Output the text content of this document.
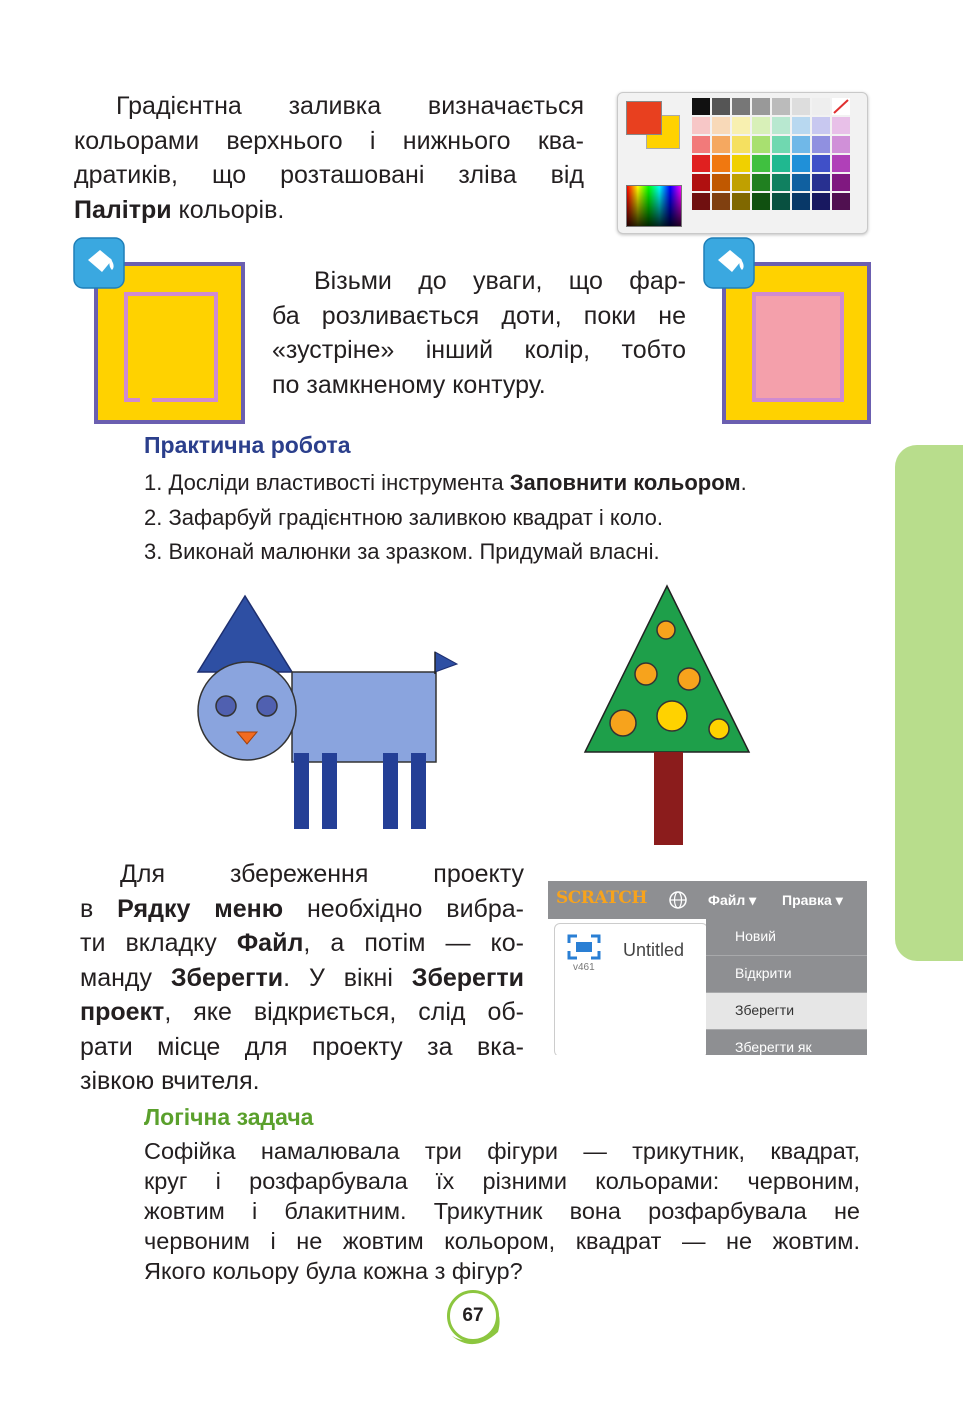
Градієнтна заливка визначається
кольорами верхнього і нижнього ква-
дратиків, що розташовані зліва від
Палітри кольорів.
Візьми до уваги, що фар-
ба розливається доти, поки не
«зустріне» інший колір, тобто
по замкненому контуру.
Практична робота
1. Досліди властивості інструмента Заповнити кольором.
2. Зафарбуй градієнтною заливкою квадрат і коло.
3. Виконай малюнки за зразком. Придумай власні.
Для збереження проекту
в Рядку меню необхідно вибра-
ти вкладку Файл, а потім — ко-
манду Зберегти. У вікні Зберегти
проект, яке відкриється, слід об-
рати місце для проекту за вка-
зівкою вчителя.
SCRATCH	Файл ▾ Правка ▾
v461
Untitled
Новий
Відкрити
Зберегти
Зберегти як
Логічна задача
Софійка намалювала три фігури — трикутник, квадрат,
круг і розфарбувала їх різними кольорами: червоним,
жовтим і блакитним. Трикутник вона розфарбувала не
червоним і не жовтим кольором, квадрат — не жовтим.
Якого кольору була кожна з фігур?
67
